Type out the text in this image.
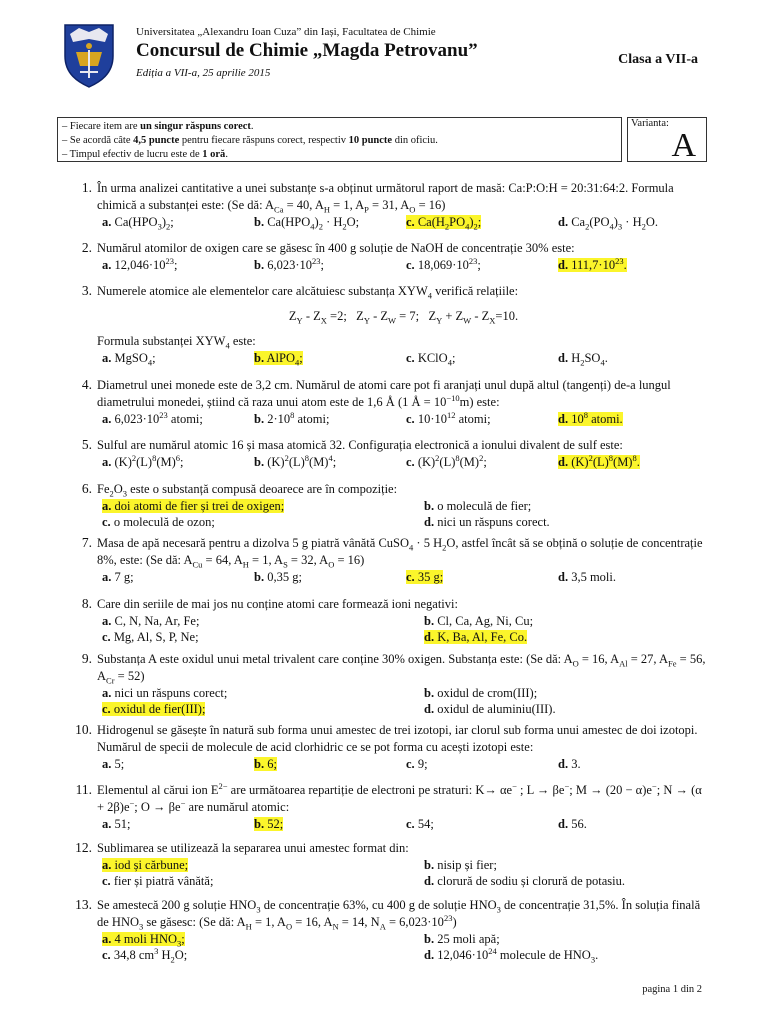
Universitatea „Alexandru Ioan Cuza” din Iași, Facultatea de Chimie
Concursul de Chimie „Magda Petrovanu”
Ediția a VII-a, 25 aprilie 2015
Clasa a VII-a
– Fiecare item are un singur răspuns corect.
– Se acordă câte 4,5 puncte pentru fiecare răspuns corect, respectiv 10 puncte din oficiu.
– Timpul efectiv de lucru este de 1 oră.
Varianta:
A
1. În urma analizei cantitative a unei substanțe s-a obținut următorul raport de masă: Ca:P:O:H = 20:31:64:2. Formula chimică a substanței este: (Se dă: $A_{Ca} = 40$, $A_H = 1$, $A_P = 31$, $A_O = 16$)
a. $Ca(HPO_3)_2$;	b. $Ca(HPO_4)_2 \cdot H_2O$;	c. $Ca(H_2PO_4)_2$;	d. $Ca_2(PO_4)_3 \cdot H_2O$.
2. Numărul atomilor de oxigen care se găsesc în 400 g soluție de NaOH de concentrație 30% este:
a. $12,046\cdot 10^{23}$;	b. $6,023\cdot 10^{23}$;	c. $18,069\cdot 10^{23}$;	d. $111,7\cdot 10^{23}$.
3. Numerele atomice ale elementelor care alcătuiesc substanța $XYW_4$ verifică relațiile:
$Z_Y - Z_X =2$;   $Z_Y - Z_W = 7$;   $Z_Y + Z_W - Z_X=10$.
Formula substanței $XYW_4$ este:
a. MgSO$_4$;	b. AlPO$_4$;	c. KClO$_4$;	d. $H_2SO_4$.
4. Diametrul unei monede este de 3,2 cm. Numărul de atomi care pot fi aranjați unul după altul (tangenți) de-a lungul diametrului monedei, știind că raza unui atom este de 1,6 Å (1 Å = $10^{-10}m$) este:
a. $6,023\cdot 10^{23}$ atomi;	b. $2\cdot 10^8$ atomi;	c. $10\cdot 10^{12}$ atomi;	d. $10^8$ atomi.
5. Sulful are numărul atomic 16 și masa atomică 32. Configurația electronică a ionului divalent de sulf este:
a. $(K)^2(L)^8(M)^6$;	b. $(K)^2(L)^8(M)^4$;	c. $(K)^2(L)^8(M)^2$;	d. $(K)^2(L)^8(M)^8$.
6. $Fe_2O_3$ este o substanță compusă deoarece are în compoziție:
a. doi atomi de fier și trei de oxigen;	b. o moleculă de fier;
c. o moleculă de ozon;	d. nici un răspuns corect.
7. Masa de apă necesară pentru a dizolva 5 g piatră vânătă CuSO$_4$ · 5 $H_2O$, astfel încât să se obțină o soluție de concentrație 8%, este: (Se dă: $A_{Cu} = 64$, $A_H = 1$, $A_S = 32$, $A_O = 16$)
a. 7 g;	b. 0,35 g;	c. 35 g;	d. 3,5 moli.
8. Care din seriile de mai jos nu conține atomi care formează ioni negativi:
a. C, N, Na, Ar, Fe;	b. Cl, Ca, Ag, Ni, Cu;
c. Mg, Al, S, P, Ne;	d. K, Ba, Al, Fe, Co.
9. Substanța A este oxidul unui metal trivalent care conține 30% oxigen. Substanța este: (Se dă: $A_O = 16$, $A_{Al} = 27$, $A_{Fe} = 56$, $A_{Cr} = 52$)
a. nici un răspuns corect;	b. oxidul de crom(III);
c. oxidul de fier(III);	d. oxidul de aluminiu(III).
10. Hidrogenul se găsește în natură sub forma unui amestec de trei izotopi, iar clorul sub forma unui amestec de doi izotopi. Numărul de specii de molecule de acid clorhidric ce se pot forma cu acești izotopi este:
a. 5;	b. 6;	c. 9;	d. 3.
11. Elementul al cărui ion $E^{2-}$ are următoarea repartiție de electroni pe straturi: K→ αe− ; L → βe−; M → (20 − α)e−; N → (α + 2β)e−; O → βe− are numărul atomic:
a. 51;	b. 52;	c. 54;	d. 56.
12. Sublimarea se utilizează la separarea unui amestec format din:
a. iod și cărbune;	b. nisip și fier;
c. fier și piatră vânătă;	d. clorură de sodiu și clorură de potasiu.
13. Se amestecă 200 g soluție $HNO_3$ de concentrație 63%, cu 400 g de soluție $HNO_3$ de concentrație 31,5%. În soluția finală de $HNO_3$ se găsesc: (Se dă: $A_H = 1$, $A_O = 16$, $A_N = 14$, $N_A = 6,023\cdot 10^{23}$)
a. 4 moli $HNO_3$;	b. 25 moli apă;
c. 34,8 $cm^3$ $H_2O$;	d. $12,046\cdot 10^{24}$ molecule de $HNO_3$.
pagina 1 din 2
